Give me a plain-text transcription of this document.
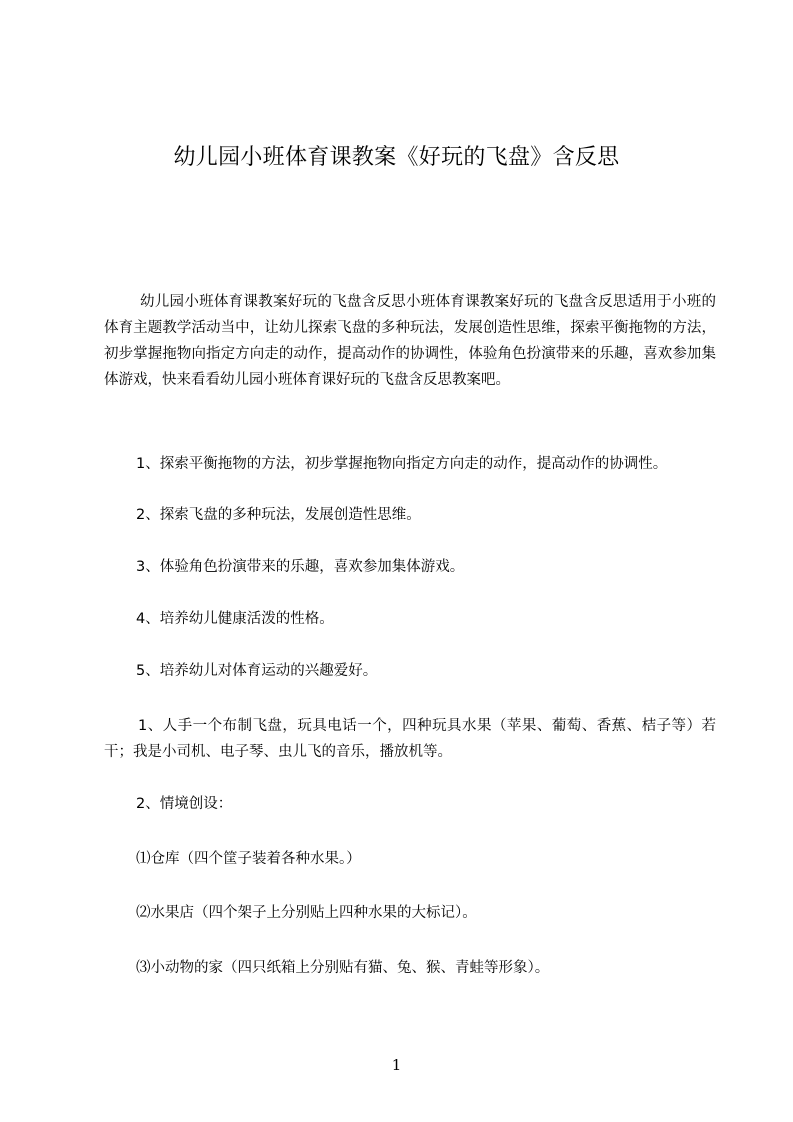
幼儿园小班体育课教案《好玩的飞盘》含反思

幼儿园小班体育课教案好玩的飞盘含反思小班体育课教案好玩的飞盘含反思适用于小班的体育主题教学活动当中，让幼儿探索飞盘的多种玩法，发展创造性思维，探索平衡拖物的方法，初步掌握拖物向指定方向走的动作，提高动作的协调性，体验角色扮演带来的乐趣，喜欢参加集体游戏，快来看看幼儿园小班体育课好玩的飞盘含反思教案吧。

1、探索平衡拖物的方法，初步掌握拖物向指定方向走的动作，提高动作的协调性。

2、探索飞盘的多种玩法，发展创造性思维。

3、体验角色扮演带来的乐趣，喜欢参加集体游戏。

4、培养幼儿健康活泼的性格。

5、培养幼儿对体育运动的兴趣爱好。

1、人手一个布制飞盘，玩具电话一个，四种玩具水果（苹果、葡萄、香蕉、桔子等）若干；我是小司机、电子琴、虫儿飞的音乐，播放机等。

2、情境创设：

⑴仓库（四个筐子装着各种水果。）

⑵水果店（四个架子上分别贴上四种水果的大标记）。

⑶小动物的家（四只纸箱上分别贴有猫、兔、猴、青蛙等形象）。

1
